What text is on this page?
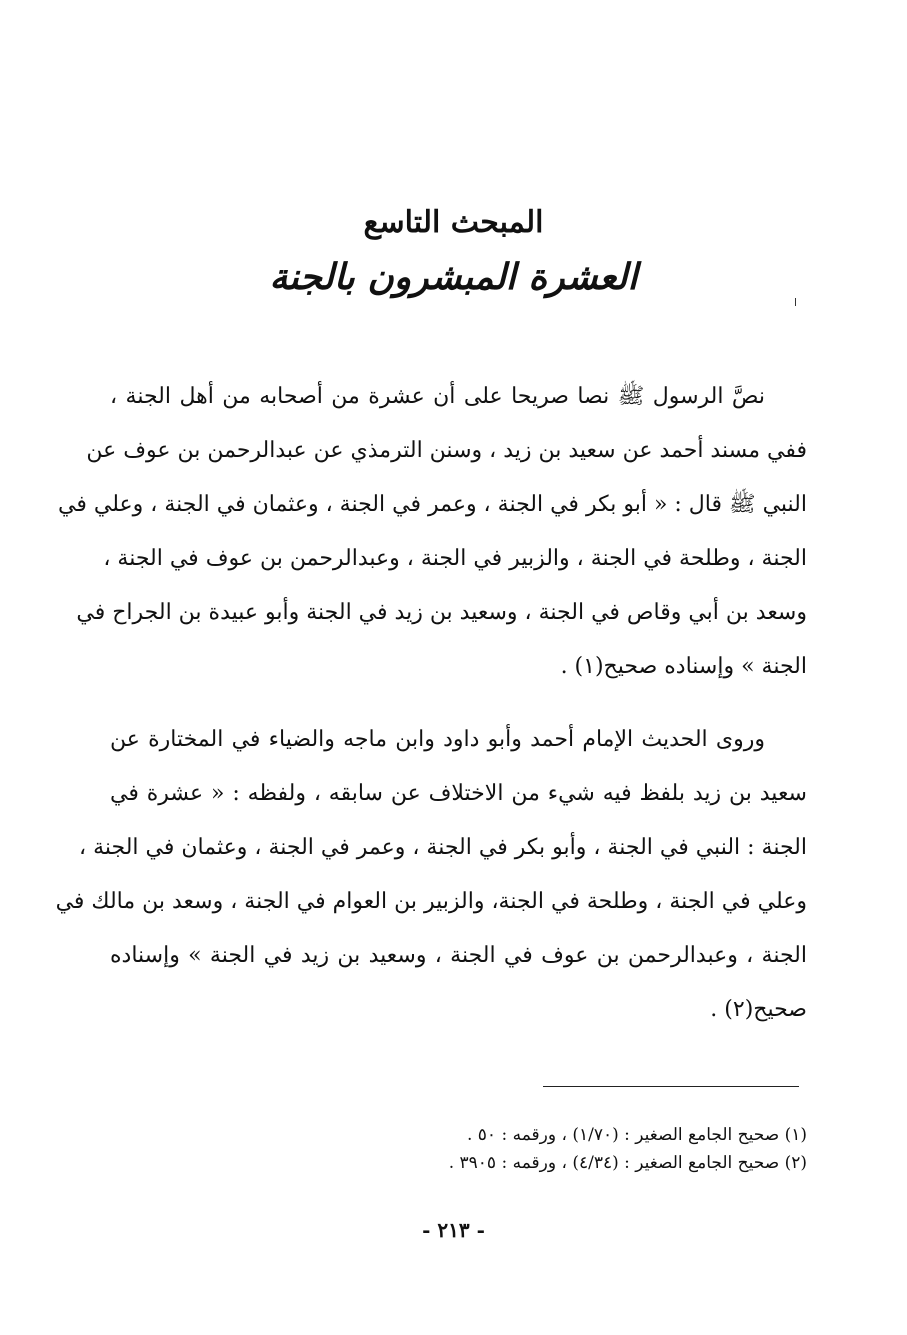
المبحث التاسع
العشرة المبشرون بالجنة
نصَّ الرسول ﷺ نصا صريحا على أن عشرة من أصحابه من أهل الجنة ،
ففي مسند أحمد عن سعيد بن زيد ، وسنن الترمذي عن عبدالرحمن بن عوف عن
النبي ﷺ قال : « أبو بكر في الجنة ، وعمر في الجنة ، وعثمان في الجنة ، وعلي في
الجنة ، وطلحة في الجنة ، والزبير في الجنة ، وعبدالرحمن بن عوف في الجنة ،
وسعد بن أبي وقاص في الجنة ، وسعيد بن زيد في الجنة وأبو عبيدة بن الجراح في
الجنة » وإسناده صحيح(١) .
وروى الحديث الإمام أحمد وأبو داود وابن ماجه والضياء في المختارة عن
سعيد بن زيد بلفظ فيه شيء من الاختلاف عن سابقه ، ولفظه : « عشرة في
الجنة : النبي في الجنة ، وأبو بكر في الجنة ، وعمر في الجنة ، وعثمان في الجنة ،
وعلي في الجنة ، وطلحة في الجنة، والزبير بن العوام في الجنة ، وسعد بن مالك في
الجنة ، وعبدالرحمن بن عوف في الجنة ، وسعيد بن زيد في الجنة » وإسناده
صحيح(٢) .
(١) صحيح الجامع الصغير : (١/٧٠) ، ورقمه : ٥٠ .
(٢) صحيح الجامع الصغير : (٤/٣٤) ، ورقمه : ٣٩٠٥ .
- ٢١٣ -
